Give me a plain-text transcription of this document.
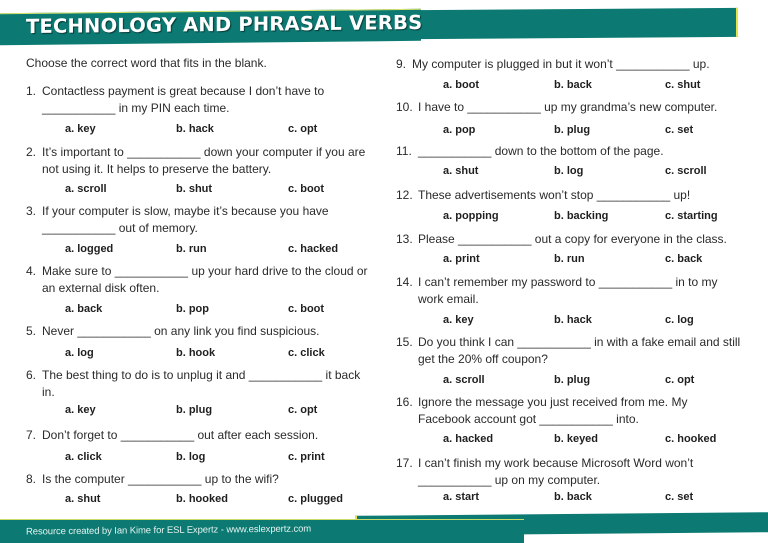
TECHNOLOGY AND PHRASAL VERBS
Choose the correct word that fits in the blank.
1. Contactless payment is great because I don’t have to
___________ in my PIN each time.
a. key	b. hack	c. opt
2. It’s important to ___________ down your computer if you are
not using it. It helps to preserve the battery.
a. scroll	b. shut	c. boot
3. If your computer is slow, maybe it’s because you have
___________ out of memory.
a. logged	b. run	c. hacked
4. Make sure to ___________ up your hard drive to the cloud or
an external disk often.
a. back	b. pop	c. boot
5. Never ___________ on any link you find suspicious.
a. log	b. hook	c. click
6. The best thing to do is to unplug it and ___________ it back
in.
a. key	b. plug	c. opt
7. Don’t forget to ___________ out after each session.
a. click	b. log	c. print
8. Is the computer ___________ up to the wifi?
a. shut	b. hooked	c. plugged
9. My computer is plugged in but it won’t ___________ up.
a. boot	b. back	c. shut
10. I have to ___________ up my grandma’s new computer.
a. pop	b. plug	c. set
11. ___________ down to the bottom of the page.
a. shut	b. log	c. scroll
12. These advertisements won’t stop ___________ up!
a. popping	b. backing	c. starting
13. Please ___________ out a copy for everyone in the class.
a. print	b. run	c. back
14. I can’t remember my password to ___________ in to my
work email.
a. key	b. hack	c. log
15. Do you think I can ___________ in with a fake email and still
get the 20% off coupon?
a. scroll	b. plug	c. opt
16. Ignore the message you just received from me. My
Facebook account got ___________ into.
a. hacked	b. keyed	c. hooked
17. I can’t finish my work because Microsoft Word won’t
___________ up on my computer.
a. start	b. back	c. set
Resource created by Ian Kime for ESL Expertz - www.eslexpertz.com
